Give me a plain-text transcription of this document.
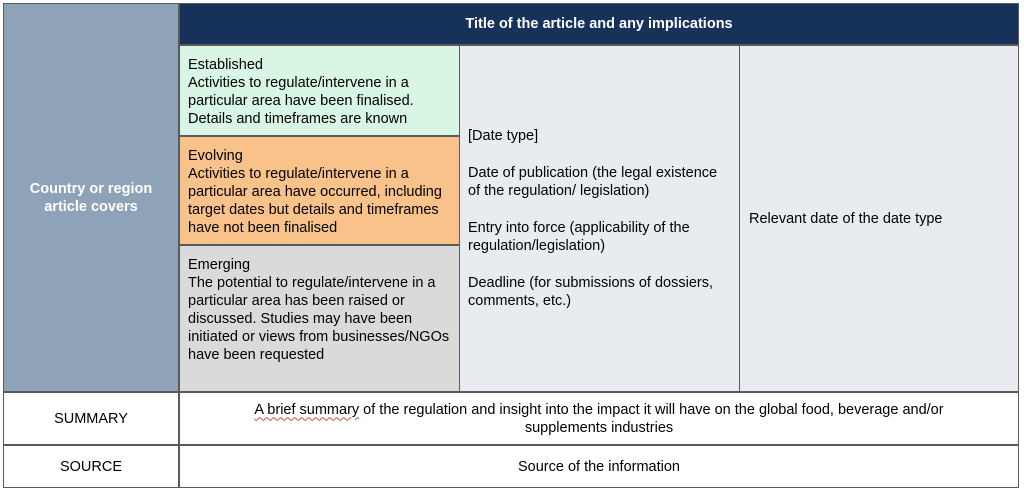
Country or region article covers
Title of the article and any implications
Established
Activities to regulate/intervene in a particular area have been finalised. Details and timeframes are known
Evolving
Activities to regulate/intervene in a particular area have occurred, including target dates but details and timeframes have not been finalised
Emerging
The potential to regulate/intervene in a particular area has been raised or discussed. Studies may have been initiated or views from businesses/NGOs have been requested

[Date type]

Date of publication (the legal existence of the regulation/ legislation)

Entry into force (applicability of the regulation/legislation)

Deadline (for submissions of dossiers, comments, etc.)

Relevant date of the date type
SUMMARY
A brief summary of the regulation and insight into the impact it will have on the global food, beverage and/or supplements industries
SOURCE	Source of the information
